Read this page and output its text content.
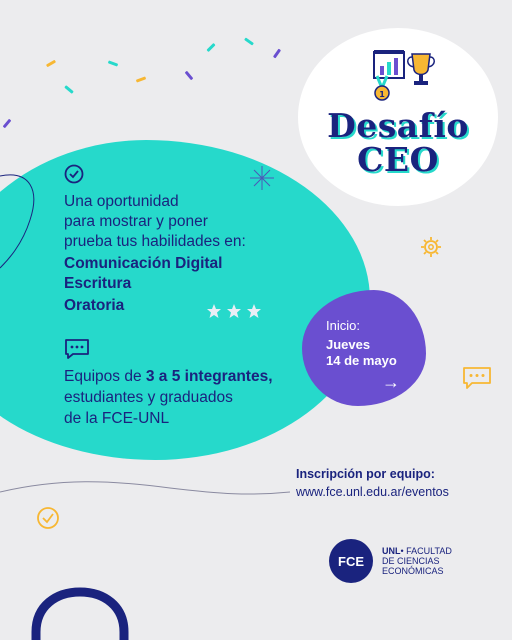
1
Desafío
CEO
Una oportunidad
para mostrar y poner
prueba tus habilidades en:
Comunicación Digital
Escritura
Oratoria
Equipos de 3 a 5 integrantes,
estudiantes y graduados
de la FCE-UNL
Inicio:
Jueves
14 de mayo
→
Inscripción por equipo:
www.fce.unl.edu.ar/eventos
FCE
UNL• FACULTAD
DE CIENCIAS
ECONÓMICAS
